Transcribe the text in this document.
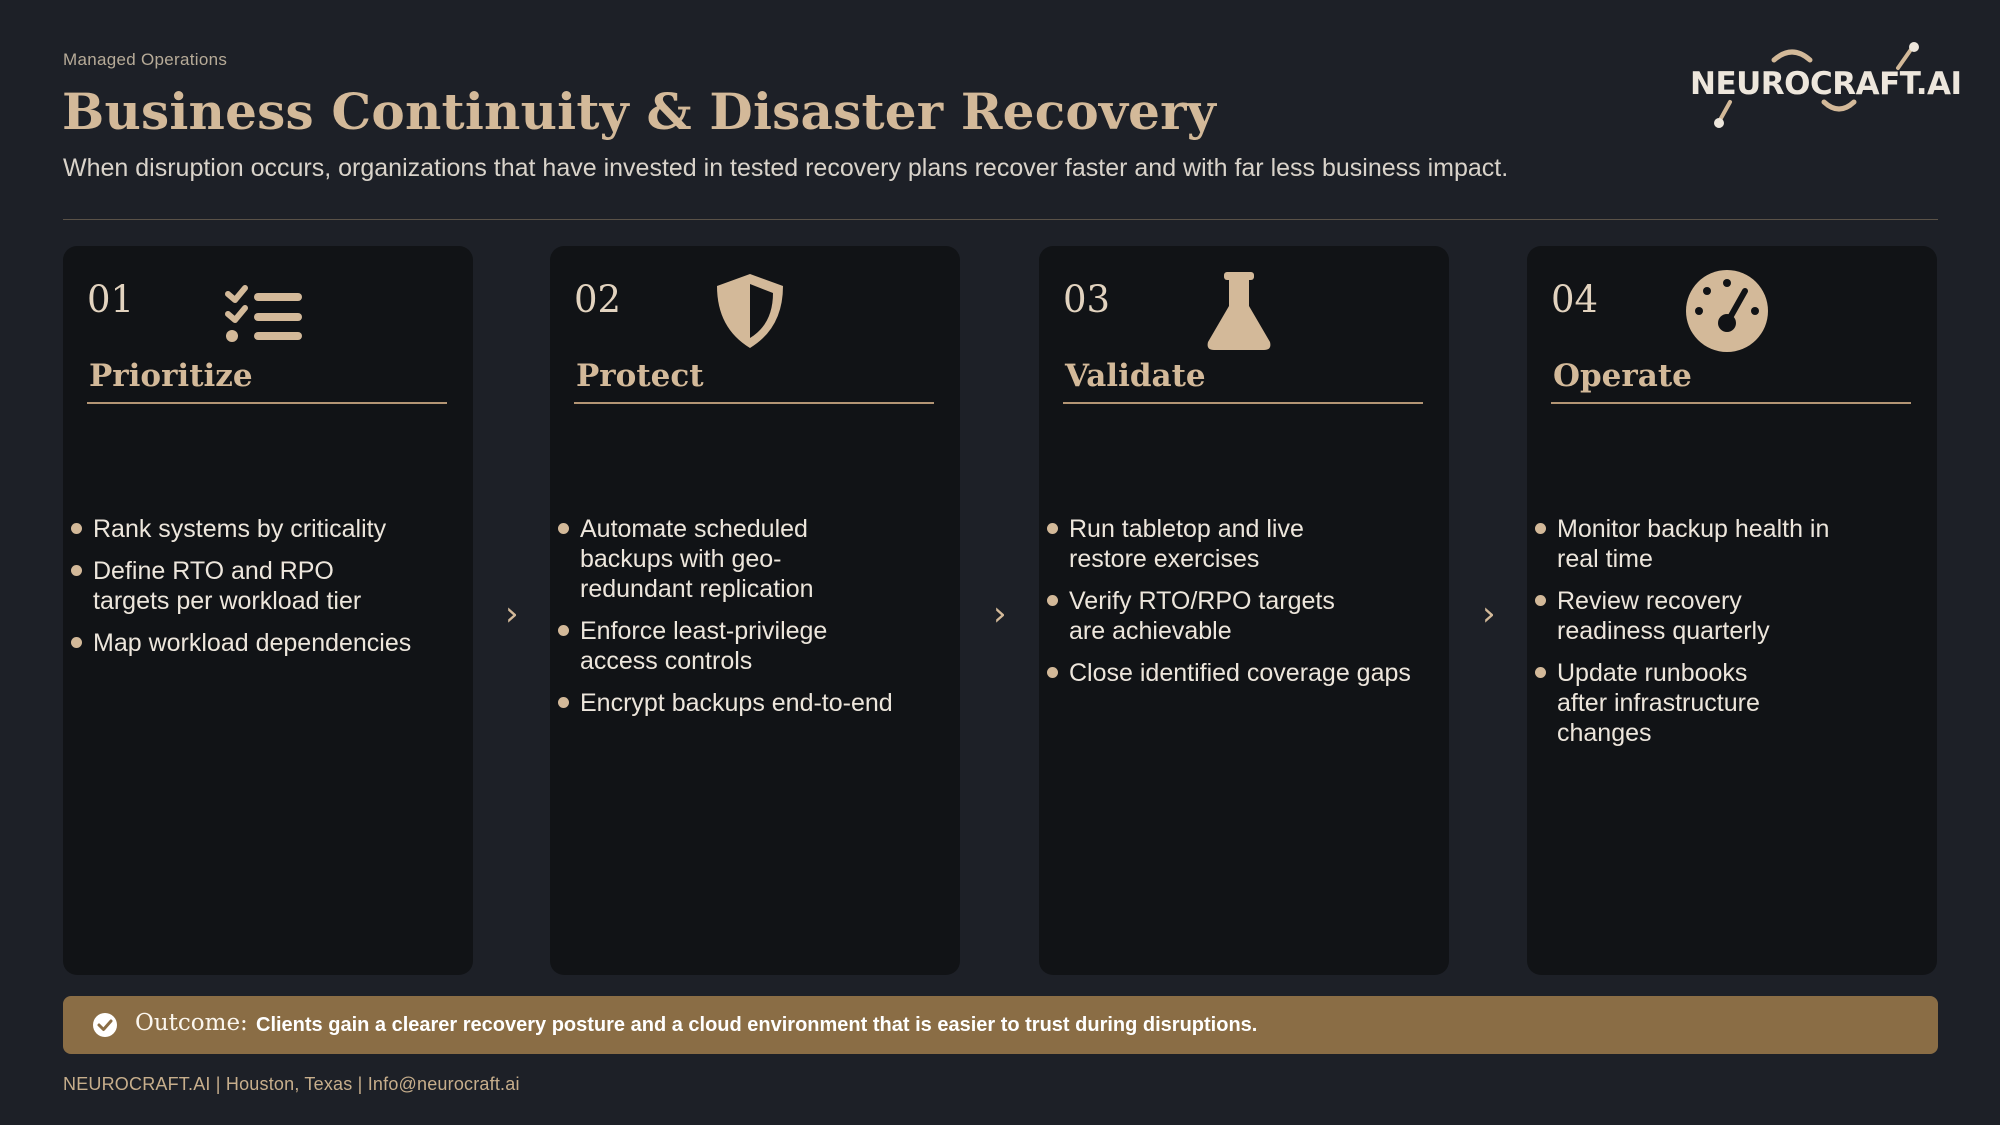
Managed Operations
Business Continuity & Disaster Recovery

When disruption occurs, organizations that have invested in tested recovery plans recover faster and with far less business impact.

NEUROCRAFT.AI
01
Prioritize
Rank systems by criticality
Define RTO and RPO
targets per workload tier
Map workload dependencies
›
02
Protect
Automate scheduled
backups with geo-
redundant replication
Enforce least-privilege
access controls
Encrypt backups end-to-end
›
03
Validate
Run tabletop and live
restore exercises
Verify RTO/RPO targets
are achievable
Close identified coverage gaps
›
04
Operate
Monitor backup health in
real time
Review recovery
readiness quarterly
Update runbooks
after infrastructure
changes
Outcome: Clients gain a clearer recovery posture and a cloud environment that is easier to trust during disruptions.
NEUROCRAFT.AI | Houston, Texas | Info@neurocraft.ai
